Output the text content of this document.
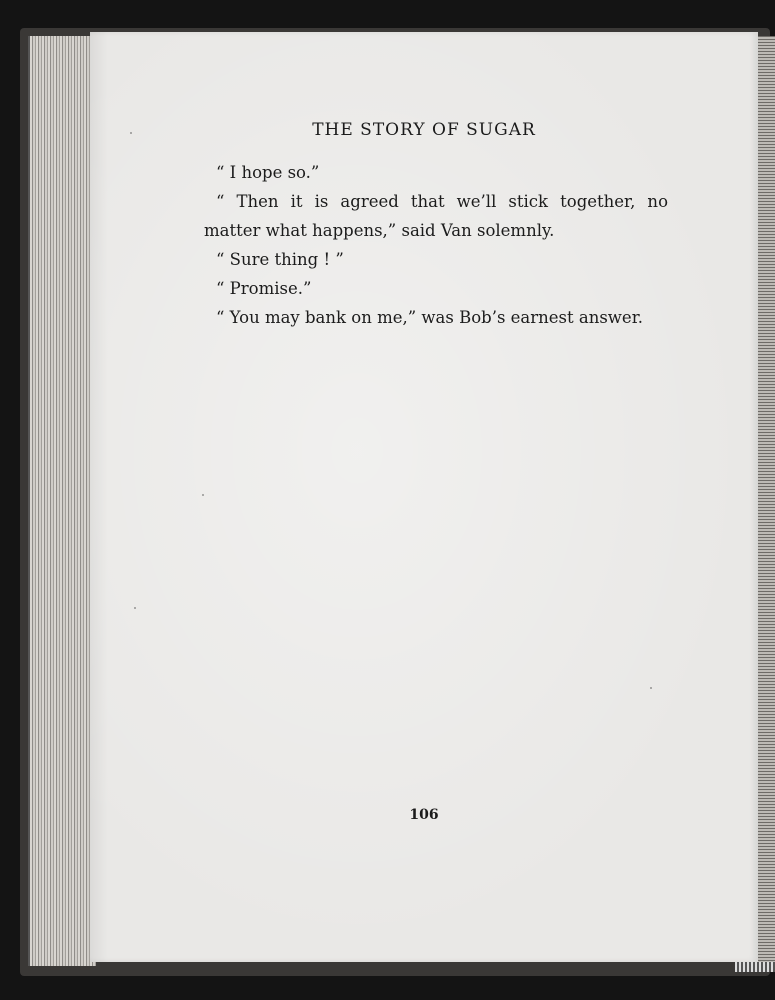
THE STORY OF SUGAR

“ I hope so.”

“ Then it is agreed that we’ll stick together, no matter what happens,” said Van solemnly.

“ Sure thing ! ”

“ Promise.”

“ You may bank on me,” was Bob’s earnest answer.

106
